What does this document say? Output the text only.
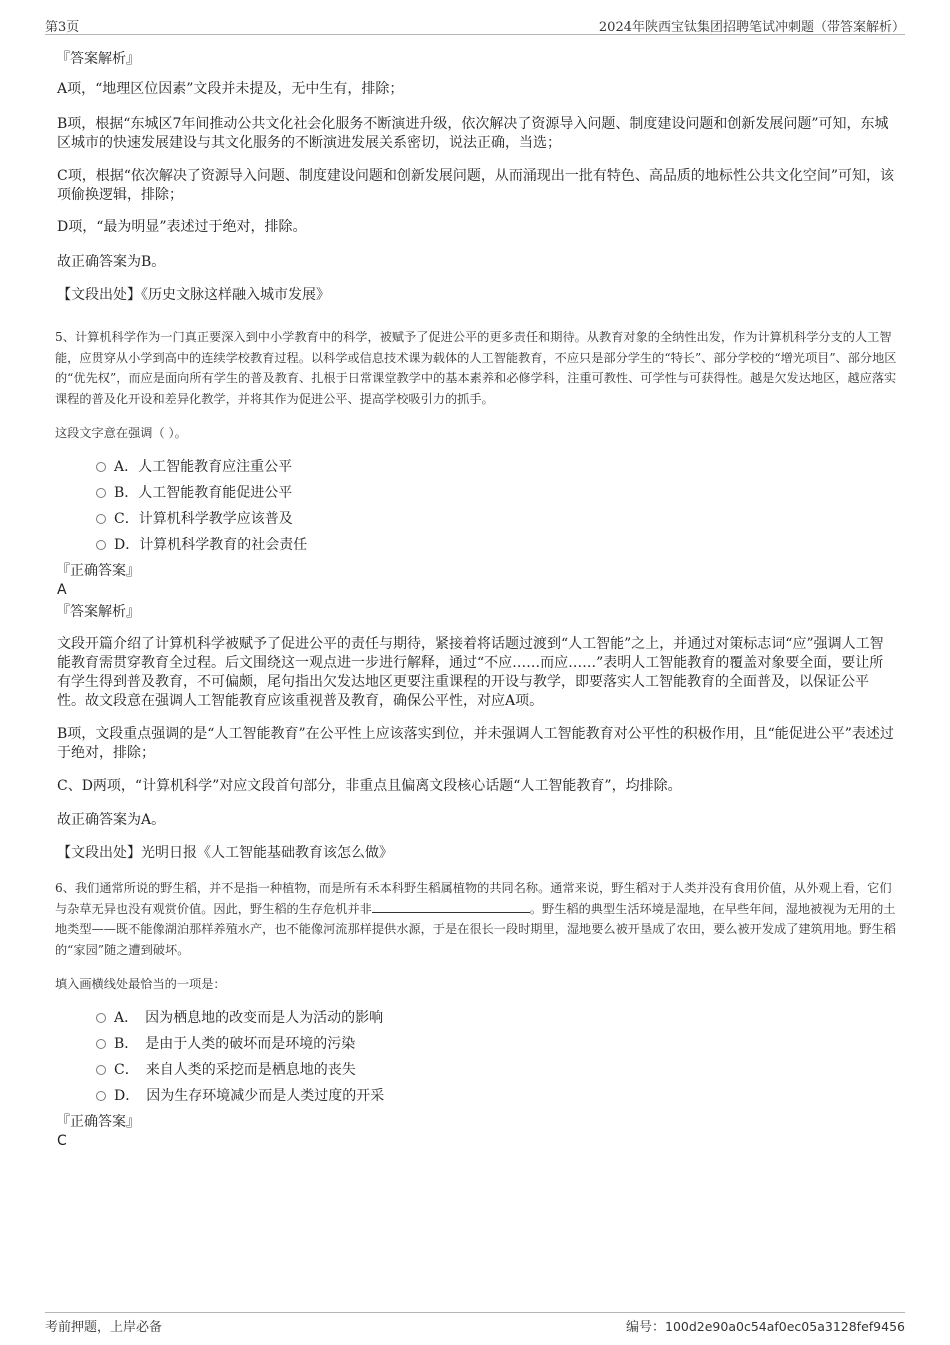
第3页	2024年陕西宝钛集团招聘笔试冲刺题（带答案解析）
『答案解析』
A项，“地理区位因素”文段并未提及，无中生有，排除；
B项，根据“东城区7年间推动公共文化社会化服务不断演进升级，依次解决了资源导入问题、制度建设问题和创新发展问题”可知，东城区城市的快速发展建设与其文化服务的不断演进发展关系密切，说法正确，当选；
C项，根据“依次解决了资源导入问题、制度建设问题和创新发展问题，从而涌现出一批有特色、高品质的地标性公共文化空间”可知，该项偷换逻辑，排除；
D项，“最为明显”表述过于绝对，排除。
故正确答案为B。
【文段出处】《历史文脉这样融入城市发展》
5、计算机科学作为一门真正要深入到中小学教育中的科学，被赋予了促进公平的更多责任和期待。从教育对象的全纳性出发，作为计算机科学分支的人工智能，应贯穿从小学到高中的连续学校教育过程。以科学或信息技术课为载体的人工智能教育，不应只是部分学生的“特长”、部分学校的“增光项目”、部分地区的“优先权”，而应是面向所有学生的普及教育、扎根于日常课堂教学中的基本素养和必修学科，注重可教性、可学性与可获得性。越是欠发达地区，越应落实课程的普及化开设和差异化教学，并将其作为促进公平、提高学校吸引力的抓手。
这段文字意在强调（ ）。
A．人工智能教育应注重公平
B．人工智能教育能促进公平
C．计算机科学教学应该普及
D．计算机科学教育的社会责任
『正确答案』
A
『答案解析』
文段开篇介绍了计算机科学被赋予了促进公平的责任与期待，紧接着将话题过渡到“人工智能”之上，并通过对策标志词“应”强调人工智能教育需贯穿教育全过程。后文围绕这一观点进一步进行解释，通过“不应……而应……”表明人工智能教育的覆盖对象要全面，要让所有学生得到普及教育，不可偏颇，尾句指出欠发达地区更要注重课程的开设与教学，即要落实人工智能教育的全面普及，以保证公平性。故文段意在强调人工智能教育应该重视普及教育，确保公平性，对应A项。
B项，文段重点强调的是“人工智能教育”在公平性上应该落实到位，并未强调人工智能教育对公平性的积极作用，且“能促进公平”表述过于绝对，排除；
C、D两项，“计算机科学”对应文段首句部分，非重点且偏离文段核心话题“人工智能教育”，均排除。
故正确答案为A。
【文段出处】光明日报《人工智能基础教育该怎么做》
6、我们通常所说的野生稻，并不是指一种植物，而是所有禾本科野生稻属植物的共同名称。通常来说，野生稻对于人类并没有食用价值，从外观上看，它们与杂草无异也没有观赏价值。因此，野生稻的生存危机并非	。野生稻的典型生活环境是湿地，在早些年间，湿地被视为无用的土地类型——既不能像湖泊那样养殖水产，也不能像河流那样提供水源，于是在很长一段时期里，湿地要么被开垦成了农田，要么被开发成了建筑用地。野生稻的“家园”随之遭到破坏。
填入画横线处最恰当的一项是：
A．　因为栖息地的改变而是人为活动的影响
B．　是由于人类的破坏而是环境的污染
C．　来自人类的采挖而是栖息地的丧失
D．　因为生存环境减少而是人类过度的开采
『正确答案』
C
考前押题，上岸必备	编号：100d2e90a0c54af0ec05a3128fef9456
